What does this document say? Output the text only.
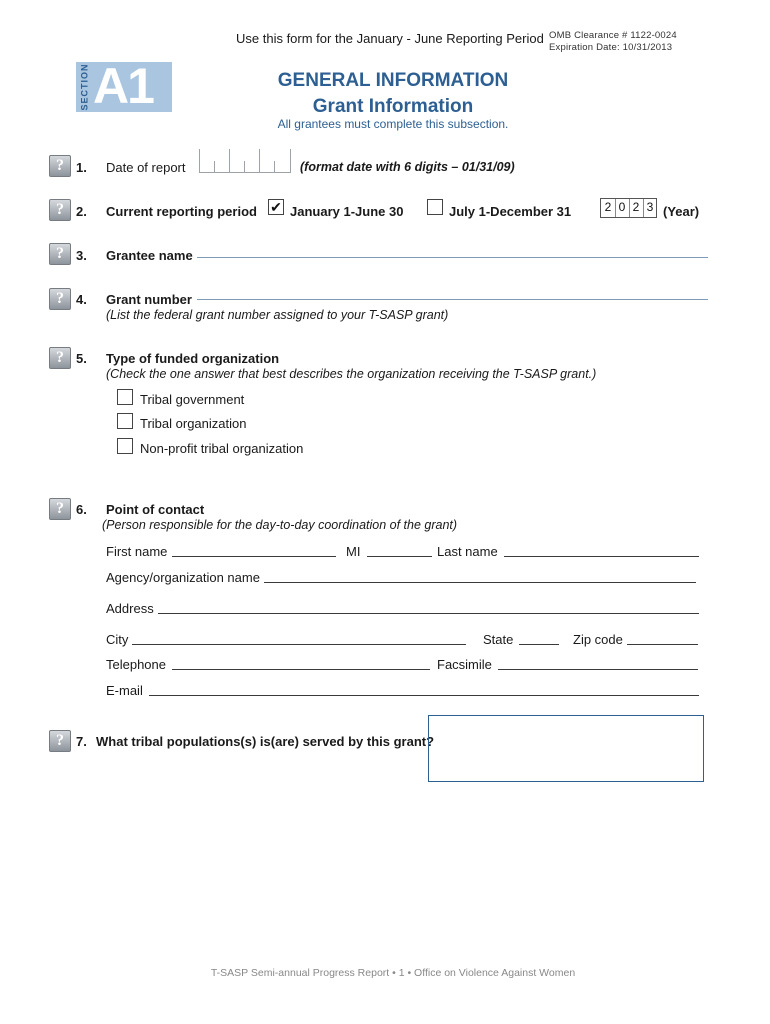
Use this form for the January - June Reporting Period OMB Clearance # 1122-0024
Expiration Date: 10/31/2013
SECTION A1	GENERAL INFORMATION
Grant Information
All grantees must complete this subsection.
? 1. Date of report	(format date with 6 digits – 01/31/09)
? 2. Current reporting period ✔ January 1-June 30	July 1-December 31	2 0 2 3 (Year)
? 3. Grantee name
? 4. Grant number
(List the federal grant number assigned to your T-SASP grant)
? 5. Type of funded organization
(Check the one answer that best describes the organization receiving the T-SASP grant.)
Tribal government
Tribal organization
Non-profit tribal organization
? 6. Point of contact
(Person responsible for the day-to-day coordination of the grant)
First name	MI	Last name
Agency/organization name
Address
City	State	Zip code
Telephone	Facsimile
E-mail
? 7. What tribal populations(s) is(are) served by this grant?
T-SASP Semi-annual Progress Report • 1 • Office on Violence Against Women
